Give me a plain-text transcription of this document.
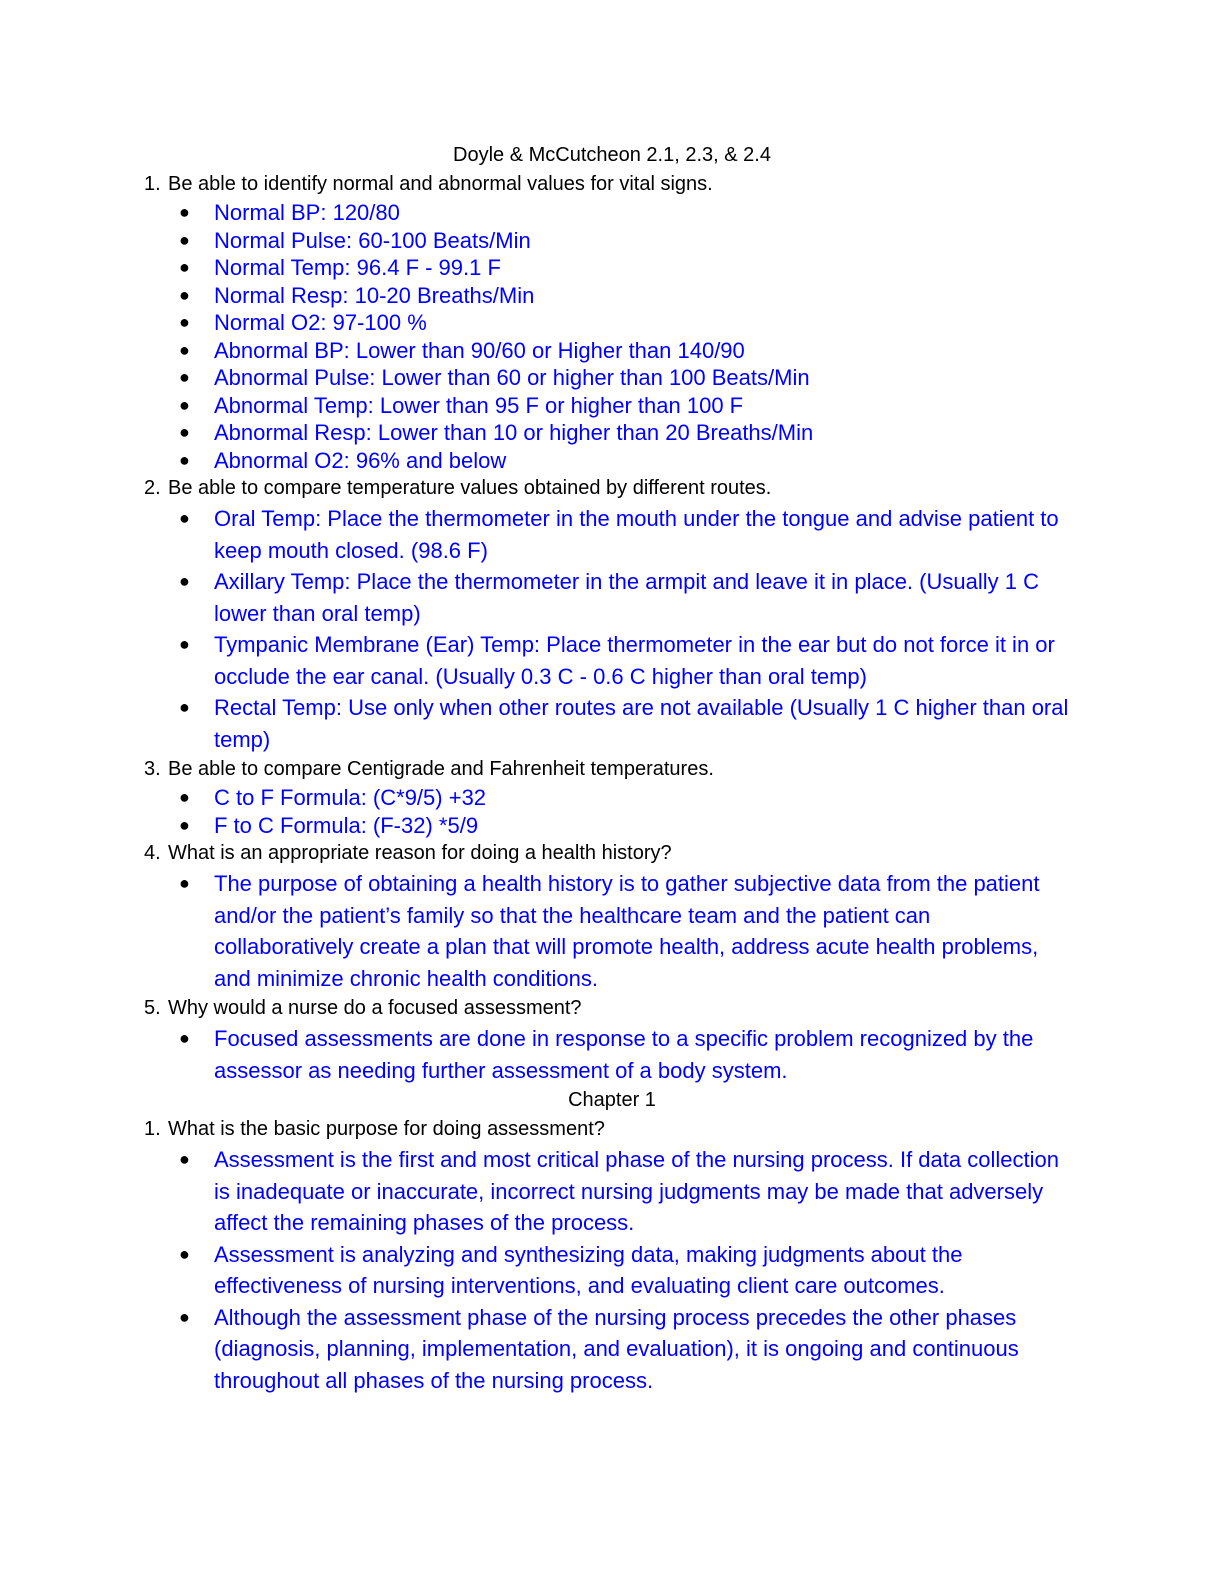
Doyle & McCutcheon 2.1, 2.3, & 2.4
1. Be able to identify normal and abnormal values for vital signs.
● Normal BP: 120/80
● Normal Pulse: 60-100 Beats/Min
● Normal Temp: 96.4 F - 99.1 F
● Normal Resp: 10-20 Breaths/Min
● Normal O2: 97-100 %
● Abnormal BP: Lower than 90/60 or Higher than 140/90
● Abnormal Pulse: Lower than 60 or higher than 100 Beats/Min
● Abnormal Temp: Lower than 95 F or higher than 100 F
● Abnormal Resp: Lower than 10 or higher than 20 Breaths/Min
● Abnormal O2: 96% and below
2. Be able to compare temperature values obtained by different routes.
● Oral Temp: Place the thermometer in the mouth under the tongue and advise patient to keep mouth closed. (98.6 F)
● Axillary Temp: Place the thermometer in the armpit and leave it in place. (Usually 1 C lower than oral temp)
● Tympanic Membrane (Ear) Temp: Place thermometer in the ear but do not force it in or occlude the ear canal. (Usually 0.3 C - 0.6 C higher than oral temp)
● Rectal Temp: Use only when other routes are not available (Usually 1 C higher than oral temp)
3. Be able to compare Centigrade and Fahrenheit temperatures.
● C to F Formula: (C*9/5) +32
● F to C Formula: (F-32) *5/9
4. What is an appropriate reason for doing a health history?
● The purpose of obtaining a health history is to gather subjective data from the patient and/or the patient’s family so that the healthcare team and the patient can collaboratively create a plan that will promote health, address acute health problems, and minimize chronic health conditions.
5. Why would a nurse do a focused assessment?
● Focused assessments are done in response to a specific problem recognized by the assessor as needing further assessment of a body system.
Chapter 1
1. What is the basic purpose for doing assessment?
● Assessment is the first and most critical phase of the nursing process. If data collection is inadequate or inaccurate, incorrect nursing judgments may be made that adversely affect the remaining phases of the process.
● Assessment is analyzing and synthesizing data, making judgments about the effectiveness of nursing interventions, and evaluating client care outcomes.
● Although the assessment phase of the nursing process precedes the other phases (diagnosis, planning, implementation, and evaluation), it is ongoing and continuous throughout all phases of the nursing process.
